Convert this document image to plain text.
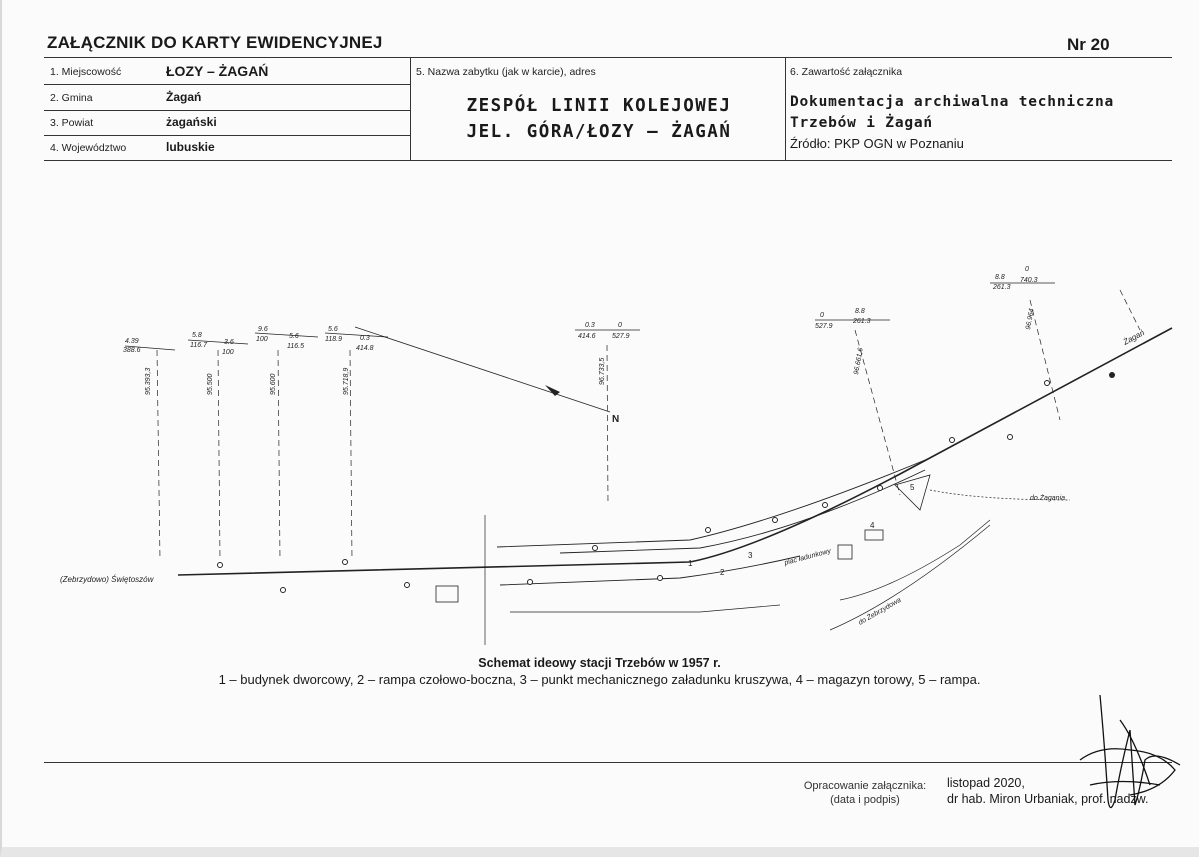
ZAŁĄCZNIK DO KARTY EWIDENCYJNEJ	Nr 20
1. Miejscowość	ŁOZY – ŻAGAŃ
2. Gmina	Żagań
3. Powiat	żagański
4. Województwo	lubuskie
5. Nazwa zabytku (jak w karcie), adres
ZESPÓŁ LINII KOLEJOWEJ
JEL. GÓRA/ŁOZY – ŻAGAŃ
6. Zawartość załącznika
Dokumentacja archiwalna techniczna
Trzebów i Żagań
Źródło: PKP OGN w Poznaniu
(Zebrzydowo) Świętoszów
Żagań
N
do Żagania
do Żebrzydowa
plac ładunkowy
1
2
3
4
5
95.393,3	95.500	95.600	95.718,9	96.733,5	96.661,6
96.964
4.39
388.6
5.8
116.7 3.6
100
9.6
100	5.6
116.5
5.6
118.9	0.3
414.8
0.3
414.6
0
527.9
0
527.9
8.8
261.3
8.8
261.3
0
740.3
Schemat ideowy stacji Trzebów w 1957 r.
1 – budynek dworcowy, 2 – rampa czołowo-boczna, 3 – punkt mechanicznego załadunku kruszywa, 4 – magazyn torowy, 5 – rampa.
Opracowanie załącznika:
(data i podpis)
listopad 2020,
dr hab. Miron Urbaniak, prof. nadzw.
